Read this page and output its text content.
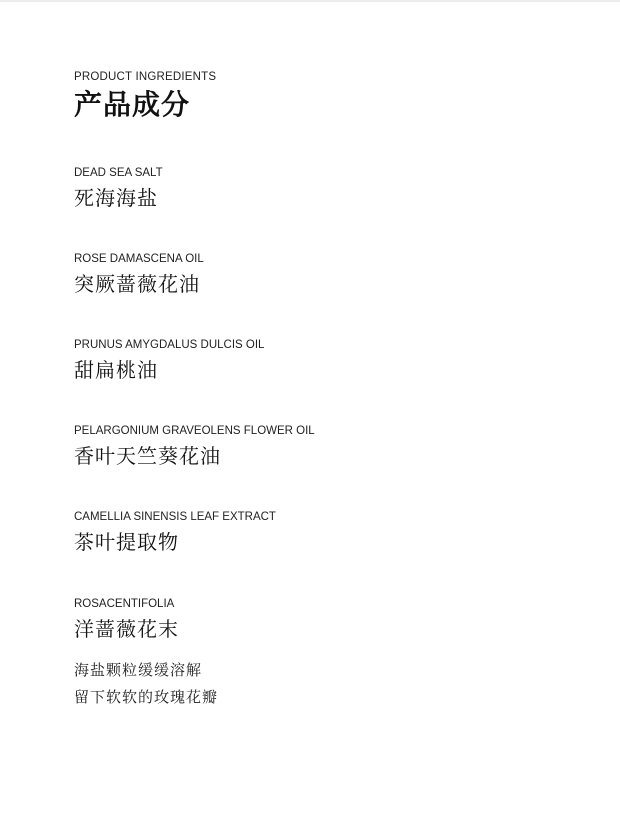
PRODUCT INGREDIENTS
产品成分
DEAD SEA SALT
死海海盐
ROSE DAMASCENA OIL
突厥蔷薇花油
PRUNUS AMYGDALUS DULCIS OIL
甜扁桃油
PELARGONIUM GRAVEOLENS FLOWER OIL
香叶天竺葵花油
CAMELLIA SINENSIS LEAF EXTRACT
茶叶提取物
ROSACENTIFOLIA
洋蔷薇花末

海盐颗粒缓缓溶解

留下软软的玫瑰花瓣
